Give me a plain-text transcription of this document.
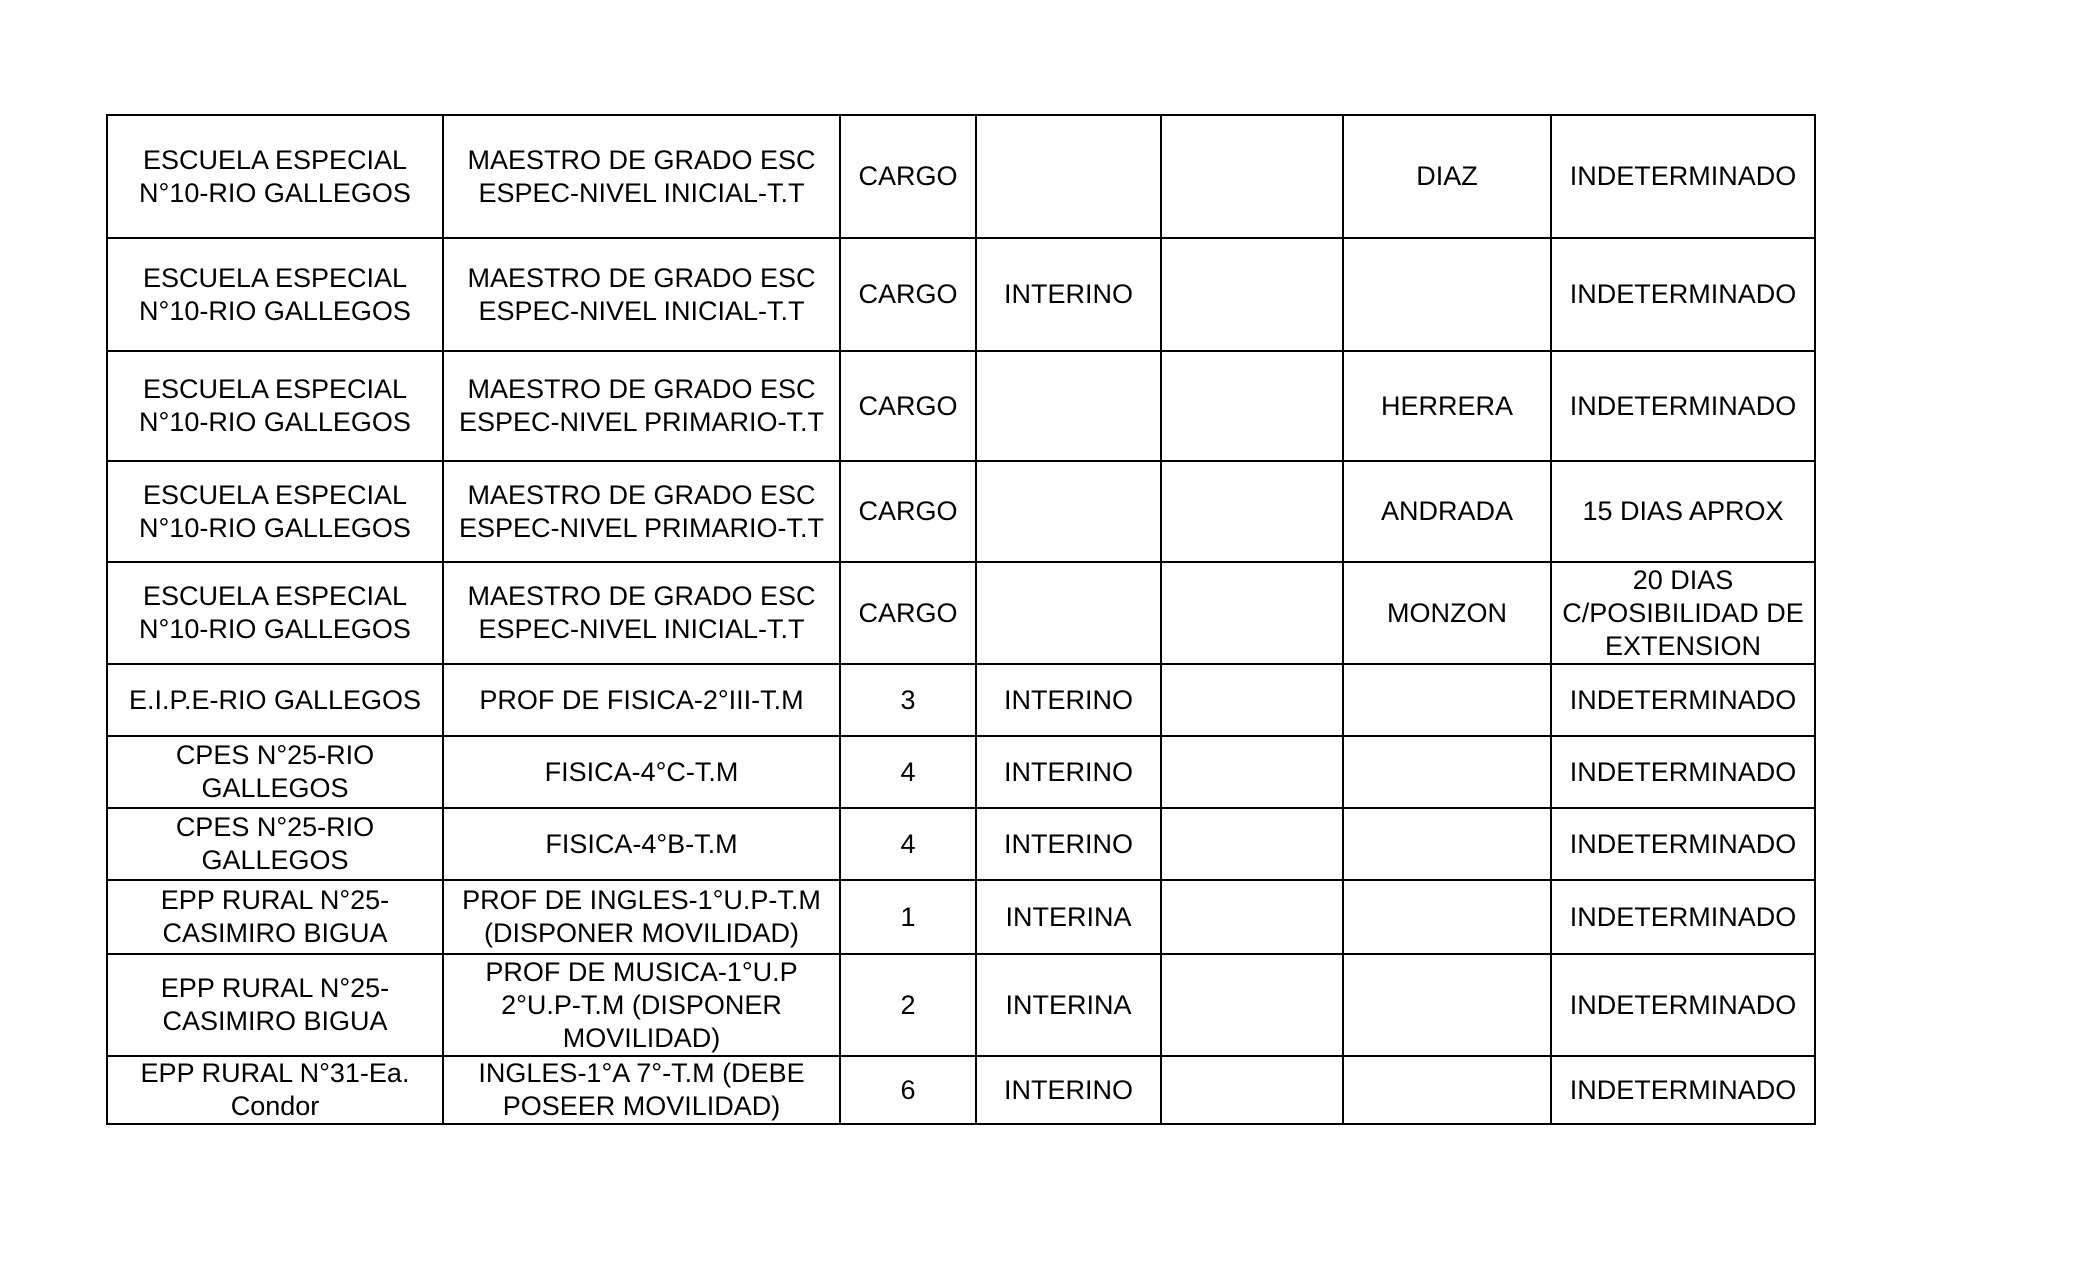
ESCUELA ESPECIAL
N°10-RIO GALLEGOS	MAESTRO DE GRADO ESC
ESPEC-NIVEL INICIAL-T.T	CARGO			DIAZ	INDETERMINADO

ESCUELA ESPECIAL
N°10-RIO GALLEGOS	MAESTRO DE GRADO ESC
ESPEC-NIVEL INICIAL-T.T	CARGO	INTERINO			INDETERMINADO

ESCUELA ESPECIAL
N°10-RIO GALLEGOS	MAESTRO DE GRADO ESC
ESPEC-NIVEL PRIMARIO-T.T	CARGO			HERRERA	INDETERMINADO

ESCUELA ESPECIAL
N°10-RIO GALLEGOS	MAESTRO DE GRADO ESC
ESPEC-NIVEL PRIMARIO-T.T	CARGO			ANDRADA	15 DIAS APROX

ESCUELA ESPECIAL
N°10-RIO GALLEGOS	MAESTRO DE GRADO ESC
ESPEC-NIVEL INICIAL-T.T	CARGO			MONZON	20 DIAS
C/POSIBILIDAD DE
EXTENSION

E.I.P.E-RIO GALLEGOS	PROF DE FISICA-2°III-T.M	3	INTERINO			INDETERMINADO

CPES N°25-RIO
GALLEGOS	FISICA-4°C-T.M	4	INTERINO			INDETERMINADO

CPES N°25-RIO
GALLEGOS	FISICA-4°B-T.M	4	INTERINO			INDETERMINADO

EPP RURAL N°25-
CASIMIRO BIGUA	PROF DE INGLES-1°U.P-T.M
(DISPONER MOVILIDAD)	1	INTERINA			INDETERMINADO

EPP RURAL N°25-
CASIMIRO BIGUA	PROF DE MUSICA-1°U.P
2°U.P-T.M (DISPONER
MOVILIDAD)	2	INTERINA			INDETERMINADO

EPP RURAL N°31-Ea.
Condor	INGLES-1°A 7°-T.M (DEBE
POSEER MOVILIDAD)	6	INTERINO			INDETERMINADO
